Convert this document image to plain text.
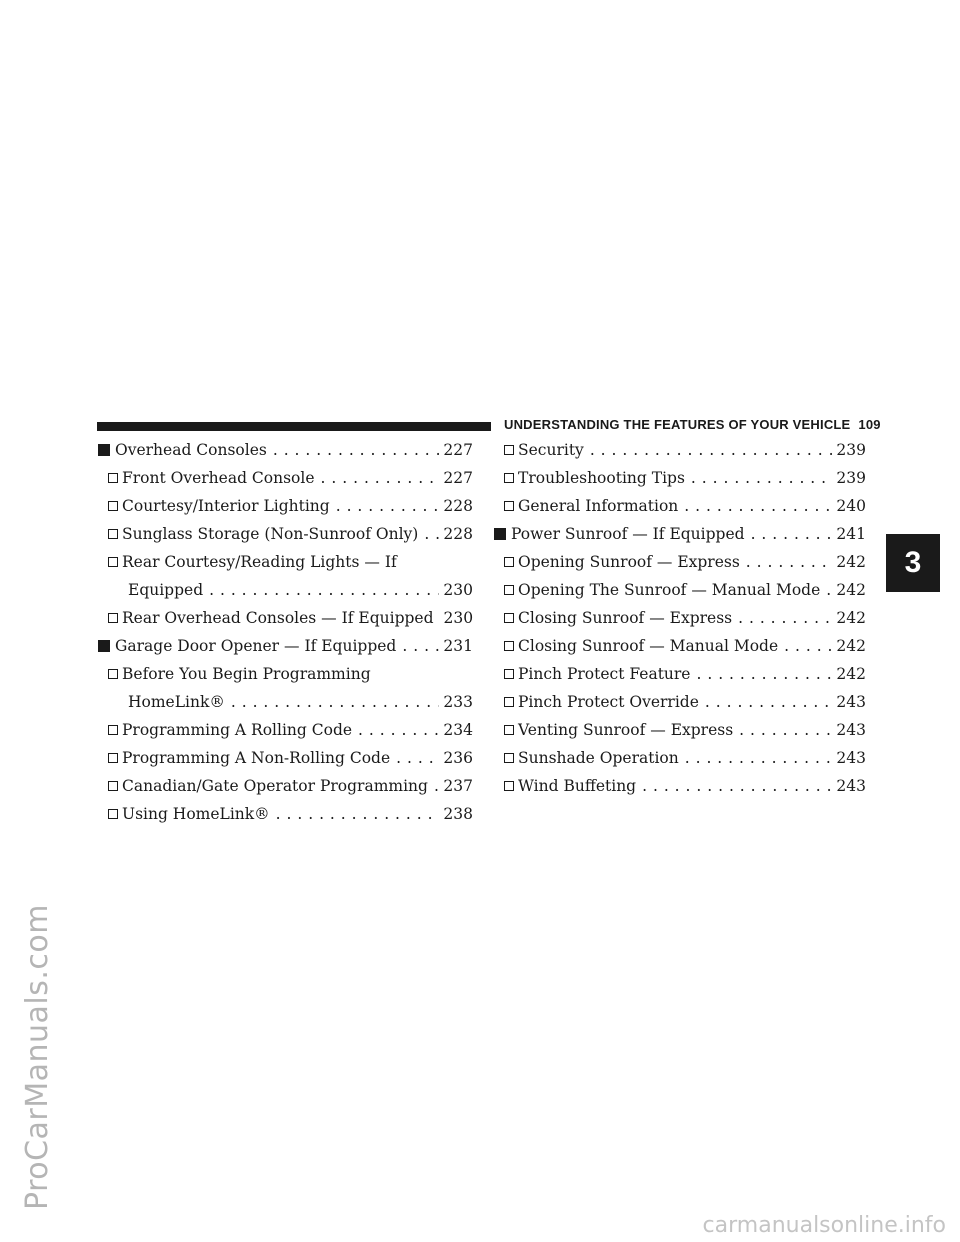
ProCarManuals.com
UNDERSTANDING THE FEATURES OF YOUR VEHICLE 109
3
Overhead Consoles . . .	227
Front Overhead Console . . .	227
Courtesy/Interior Lighting . . .	228
Sunglass Storage (Non-Sunroof Only) . . . 228
Rear Courtesy/Reading Lights — If
Equipped . . .	230
Rear Overhead Consoles — If Equipped 230
Garage Door Opener — If Equipped . . .	231
Before You Begin Programming
HomeLink® . . .	233
Programming A Rolling Code . . .	234
Programming A Non-Rolling Code . . .	236
Canadian/Gate Operator Programming . . . 237
Using HomeLink® . . .	238
Security . . .	239
Troubleshooting Tips . . .	239
General Information . . .	240
Power Sunroof — If Equipped . . .	241
Opening Sunroof — Express . . .	242
Opening The Sunroof — Manual Mode . . . 242
Closing Sunroof — Express . . .	242
Closing Sunroof — Manual Mode . . .	242
Pinch Protect Feature . . .	242
Pinch Protect Override . . .	243
Venting Sunroof — Express . . .	243
Sunshade Operation . . .	243
Wind Buffeting . . .	243
carmanualsonline.info
